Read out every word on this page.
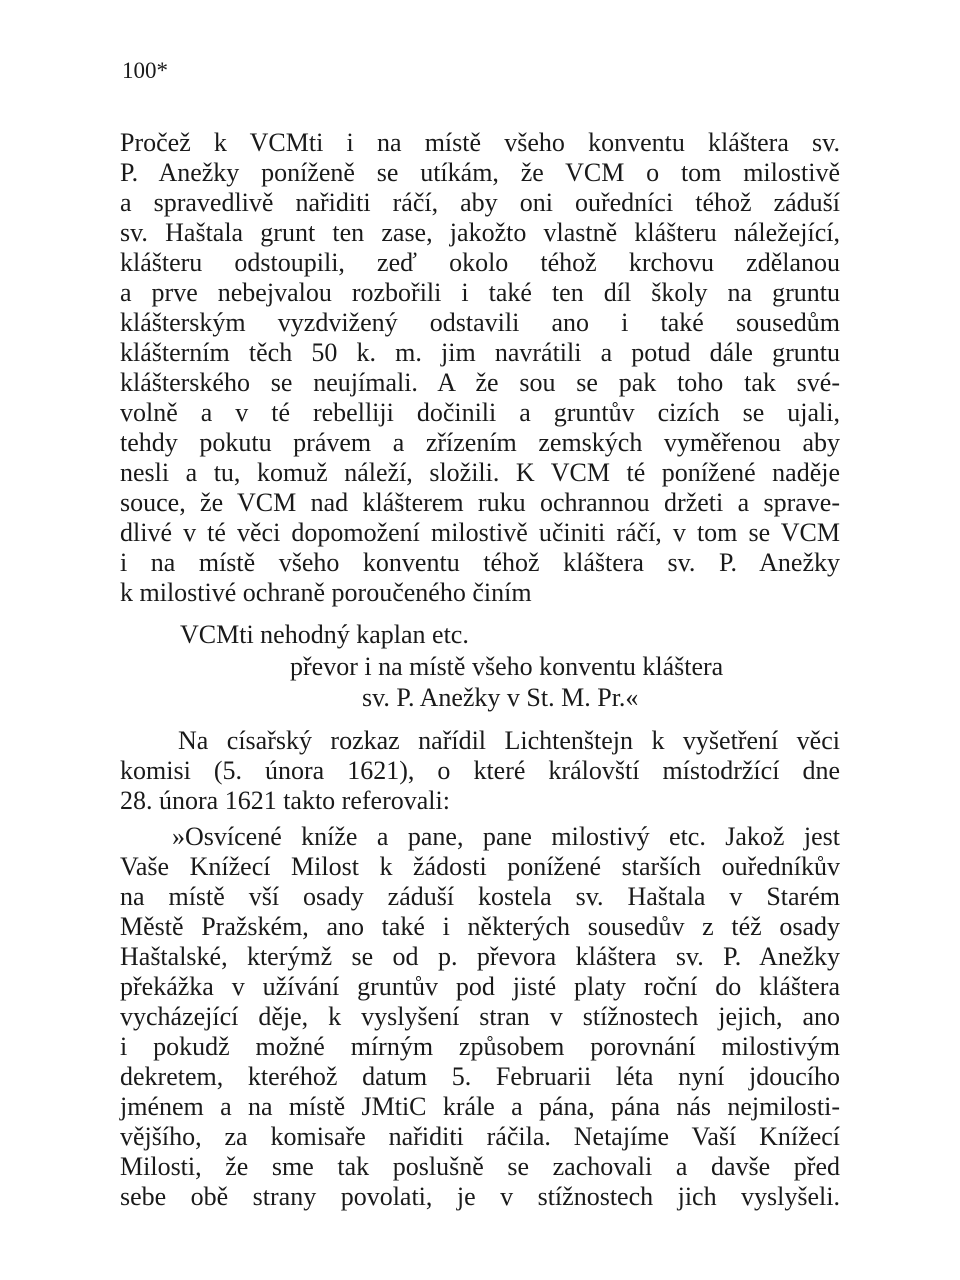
100*
Pročež k VCMti i na místě všeho konventu kláštera sv.
P. Anežky poníženě se utíkám, že VCM o tom milostivě
a spravedlivě nařiditi ráčí, aby oni ouředníci téhož záduší
sv. Haštala grunt ten zase, jakožto vlastně klášteru náležející,
klášteru odstoupili, zeď okolo téhož krchovu zdělanou
a prve nebejvalou rozbořili i také ten díl školy na gruntu
klášterským vyzdvižený odstavili ano i také sousedům
klášterním těch 50 k. m. jim navrátili a potud dále gruntu
klášterského se neujímali. A že sou se pak toho tak své-
volně a v té rebelliji dočinili a gruntův cizích se ujali,
tehdy pokutu právem a zřízením zemských vyměřenou aby
nesli a tu, komuž náleží, složili. K VCM té ponížené naděje
souce, že VCM nad klášterem ruku ochrannou držeti a sprave-
dlivé v té věci dopomožení milostivě učiniti ráčí, v tom se VCM
i na místě všeho konventu téhož kláštera sv. P. Anežky
k milostivé ochraně poroučeného činím
VCMti nehodný kaplan etc.
převor i na místě všeho konventu kláštera
sv. P. Anežky v St. M. Pr.«
Na císařský rozkaz nařídil Lichtenštejn k vyšetření věci
komisi (5. února 1621), o které královští místodržící dne
28. února 1621 takto referovali:
»Osvícené kníže a pane, pane milostivý etc. Jakož jest
Vaše Knížecí Milost k žádosti ponížené starších ouředníkův
na místě vší osady záduší kostela sv. Haštala v Starém
Městě Pražském, ano také i některých sousedův z též osady
Haštalské, kterýmž se od p. převora kláštera sv. P. Anežky
překážka v užívání gruntův pod jisté platy roční do kláštera
vycházející děje, k vyslyšení stran v stížnostech jejich, ano
i pokudž možné mírným způsobem porovnání milostivým
dekretem, kteréhož datum 5. Februarii léta nyní jdoucího
jménem a na místě JMtiC krále a pána, pána nás nejmilosti-
vějšího, za komisaře nařiditi ráčila. Netajíme Vaší Knížecí
Milosti, že sme tak poslušně se zachovali a davše před
sebe obě strany povolati, je v stížnostech jich vyslyšeli.
